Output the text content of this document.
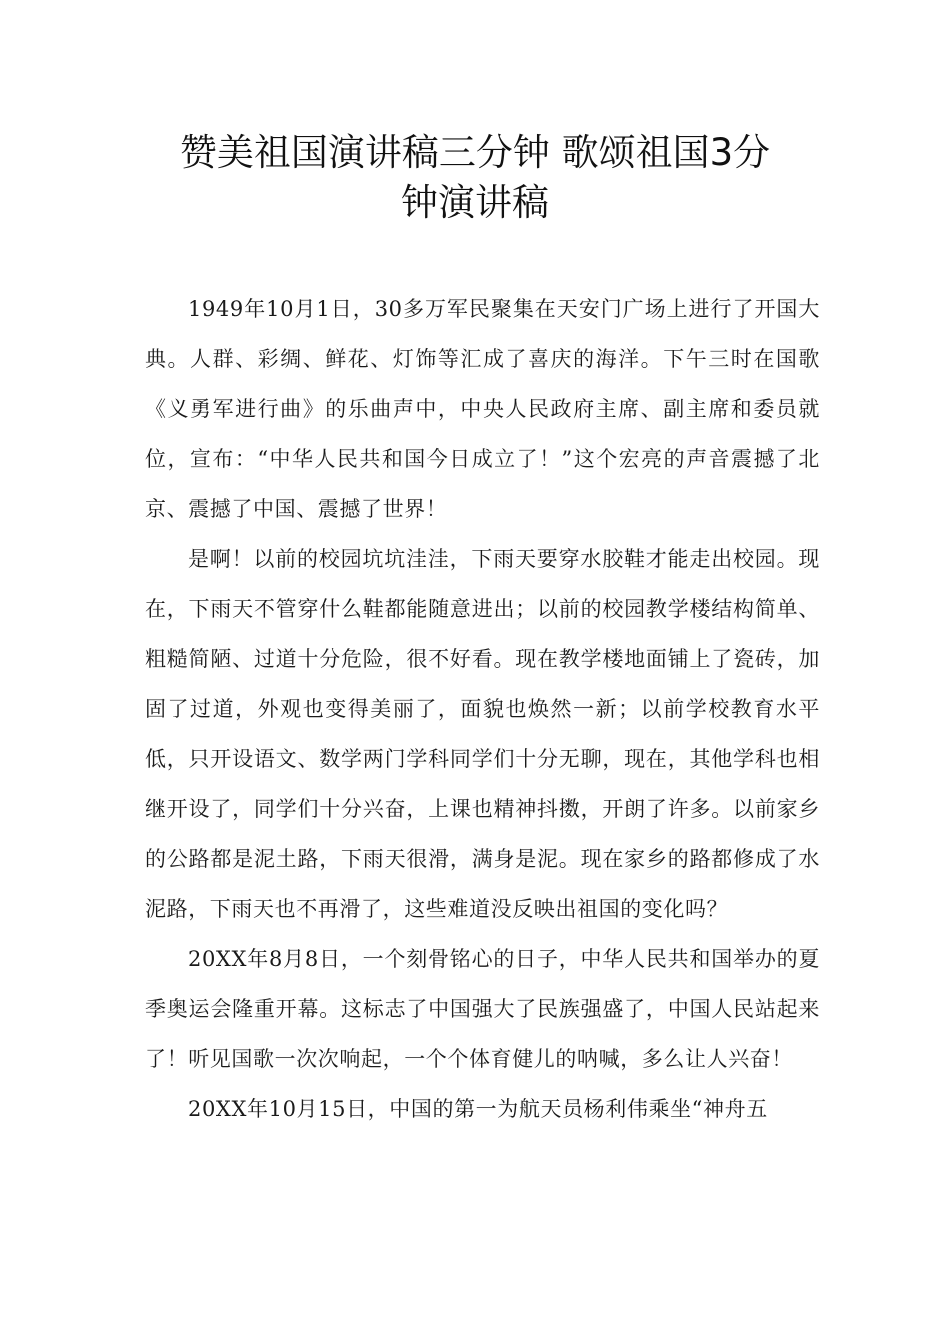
赞美祖国演讲稿三分钟 歌颂祖国3分
钟演讲稿

1949年10月1日，30多万军民聚集在天安门广场上进行了开国大典。人群、彩绸、鲜花、灯饰等汇成了喜庆的海洋。下午三时在国歌《义勇军进行曲》的乐曲声中，中央人民政府主席、副主席和委员就位，宣布：“中华人民共和国今日成立了！”这个宏亮的声音震撼了北京、震撼了中国、震撼了世界！

是啊！以前的校园坑坑洼洼，下雨天要穿水胶鞋才能走出校园。现在，下雨天不管穿什么鞋都能随意进出；以前的校园教学楼结构简单、粗糙简陋、过道十分危险，很不好看。现在教学楼地面铺上了瓷砖，加固了过道，外观也变得美丽了，面貌也焕然一新；以前学校教育水平低，只开设语文、数学两门学科同学们十分无聊，现在，其他学科也相继开设了，同学们十分兴奋，上课也精神抖擞，开朗了许多。以前家乡的公路都是泥土路，下雨天很滑，满身是泥。现在家乡的路都修成了水泥路，下雨天也不再滑了，这些难道没反映出祖国的变化吗？

20XX年8月8日，一个刻骨铭心的日子，中华人民共和国举办的夏季奥运会隆重开幕。这标志了中国强大了民族强盛了，中国人民站起来了！听见国歌一次次响起，一个个体育健儿的呐喊，多么让人兴奋！

20XX年10月15日，中国的第一为航天员杨利伟乘坐“神舟五
